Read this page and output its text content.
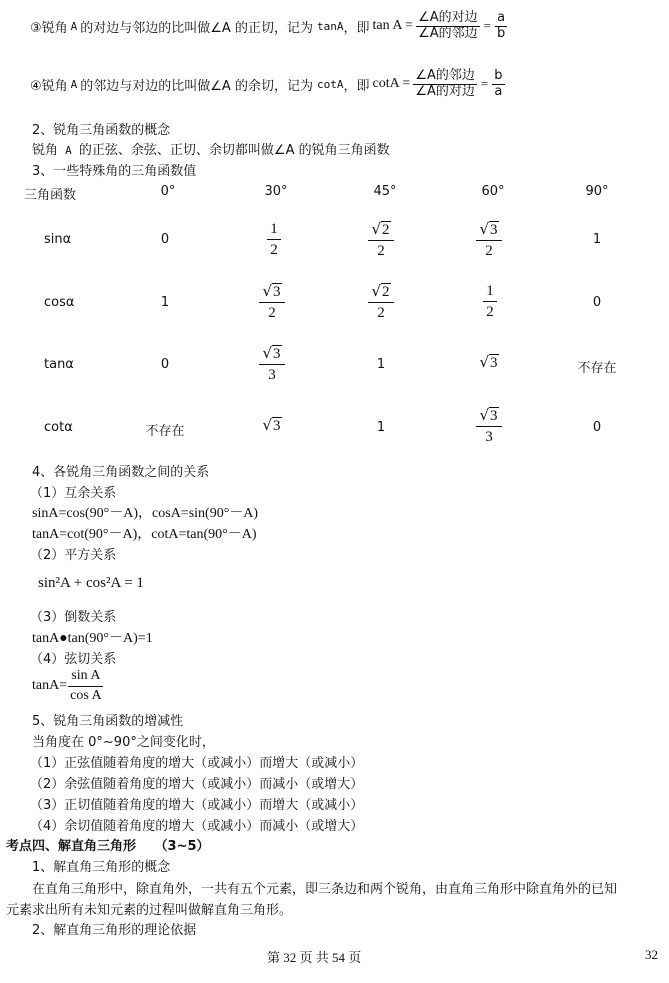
③锐角 A 的对边与邻边的比叫做∠A 的正切，记为 tanA ，即 $\tan A = \frac{\text{∠A的对边}}{\text{∠A的邻边}} = \frac{a}{b}$
④锐角 A 的邻边与对边的比叫做∠A 的余切，记为 cotA ，即 $\cot A = \frac{\text{∠A的邻边}}{\text{∠A的对边}} = \frac{b}{a}$
2、锐角三角函数的概念
锐角 A 的正弦、余弦、正切、余切都叫做∠A 的锐角三角函数
3、一些特殊角的三角函数值
三角函数	0°	30°	45°	60°	90°
sinα	0	$\frac{1}{2}$	$\frac{√2}{2}$	$\frac{√3}{2}$	1
cosα	1	$\frac{√3}{2}$	$\frac{√2}{2}$	$\frac{1}{2}$	0
tanα	0	$\frac{√3}{3}$	1	√3	不存在
cotα	不存在	√3	1	$\frac{√3}{3}$	0
4、各锐角三角函数之间的关系
（1）互余关系
sinA=cos(90°－A)，cosA=sin(90°－A)
tanA=cot(90°－A)，cotA=tan(90°－A)
（2）平方关系
sin²A + cos²A = 1
（3）倒数关系
tanA●tan(90°－A)=1
（4）弦切关系
$\tan A= \frac{\text{sin A}}{\text{cos A}}$
5、锐角三角函数的增减性
当角度在 0°~90°之间变化时，
（1）正弦值随着角度的增大（或减小）而增大（或减小）
（2）余弦值随着角度的增大（或减小）而减小（或增大）
（3）正切值随着角度的增大（或减小）而增大（或减小）
（4）余切值随着角度的增大（或减小）而减小（或增大）
考点四、解直角三角形 （3~5）
1、解直角三角形的概念
在直角三角形中，除直角外，一共有五个元素，即三条边和两个锐角，由直角三角形中除直角外的已知
元素求出所有未知元素的过程叫做解直角三角形。
2、解直角三角形的理论依据
第 32 页 共 54 页	32
